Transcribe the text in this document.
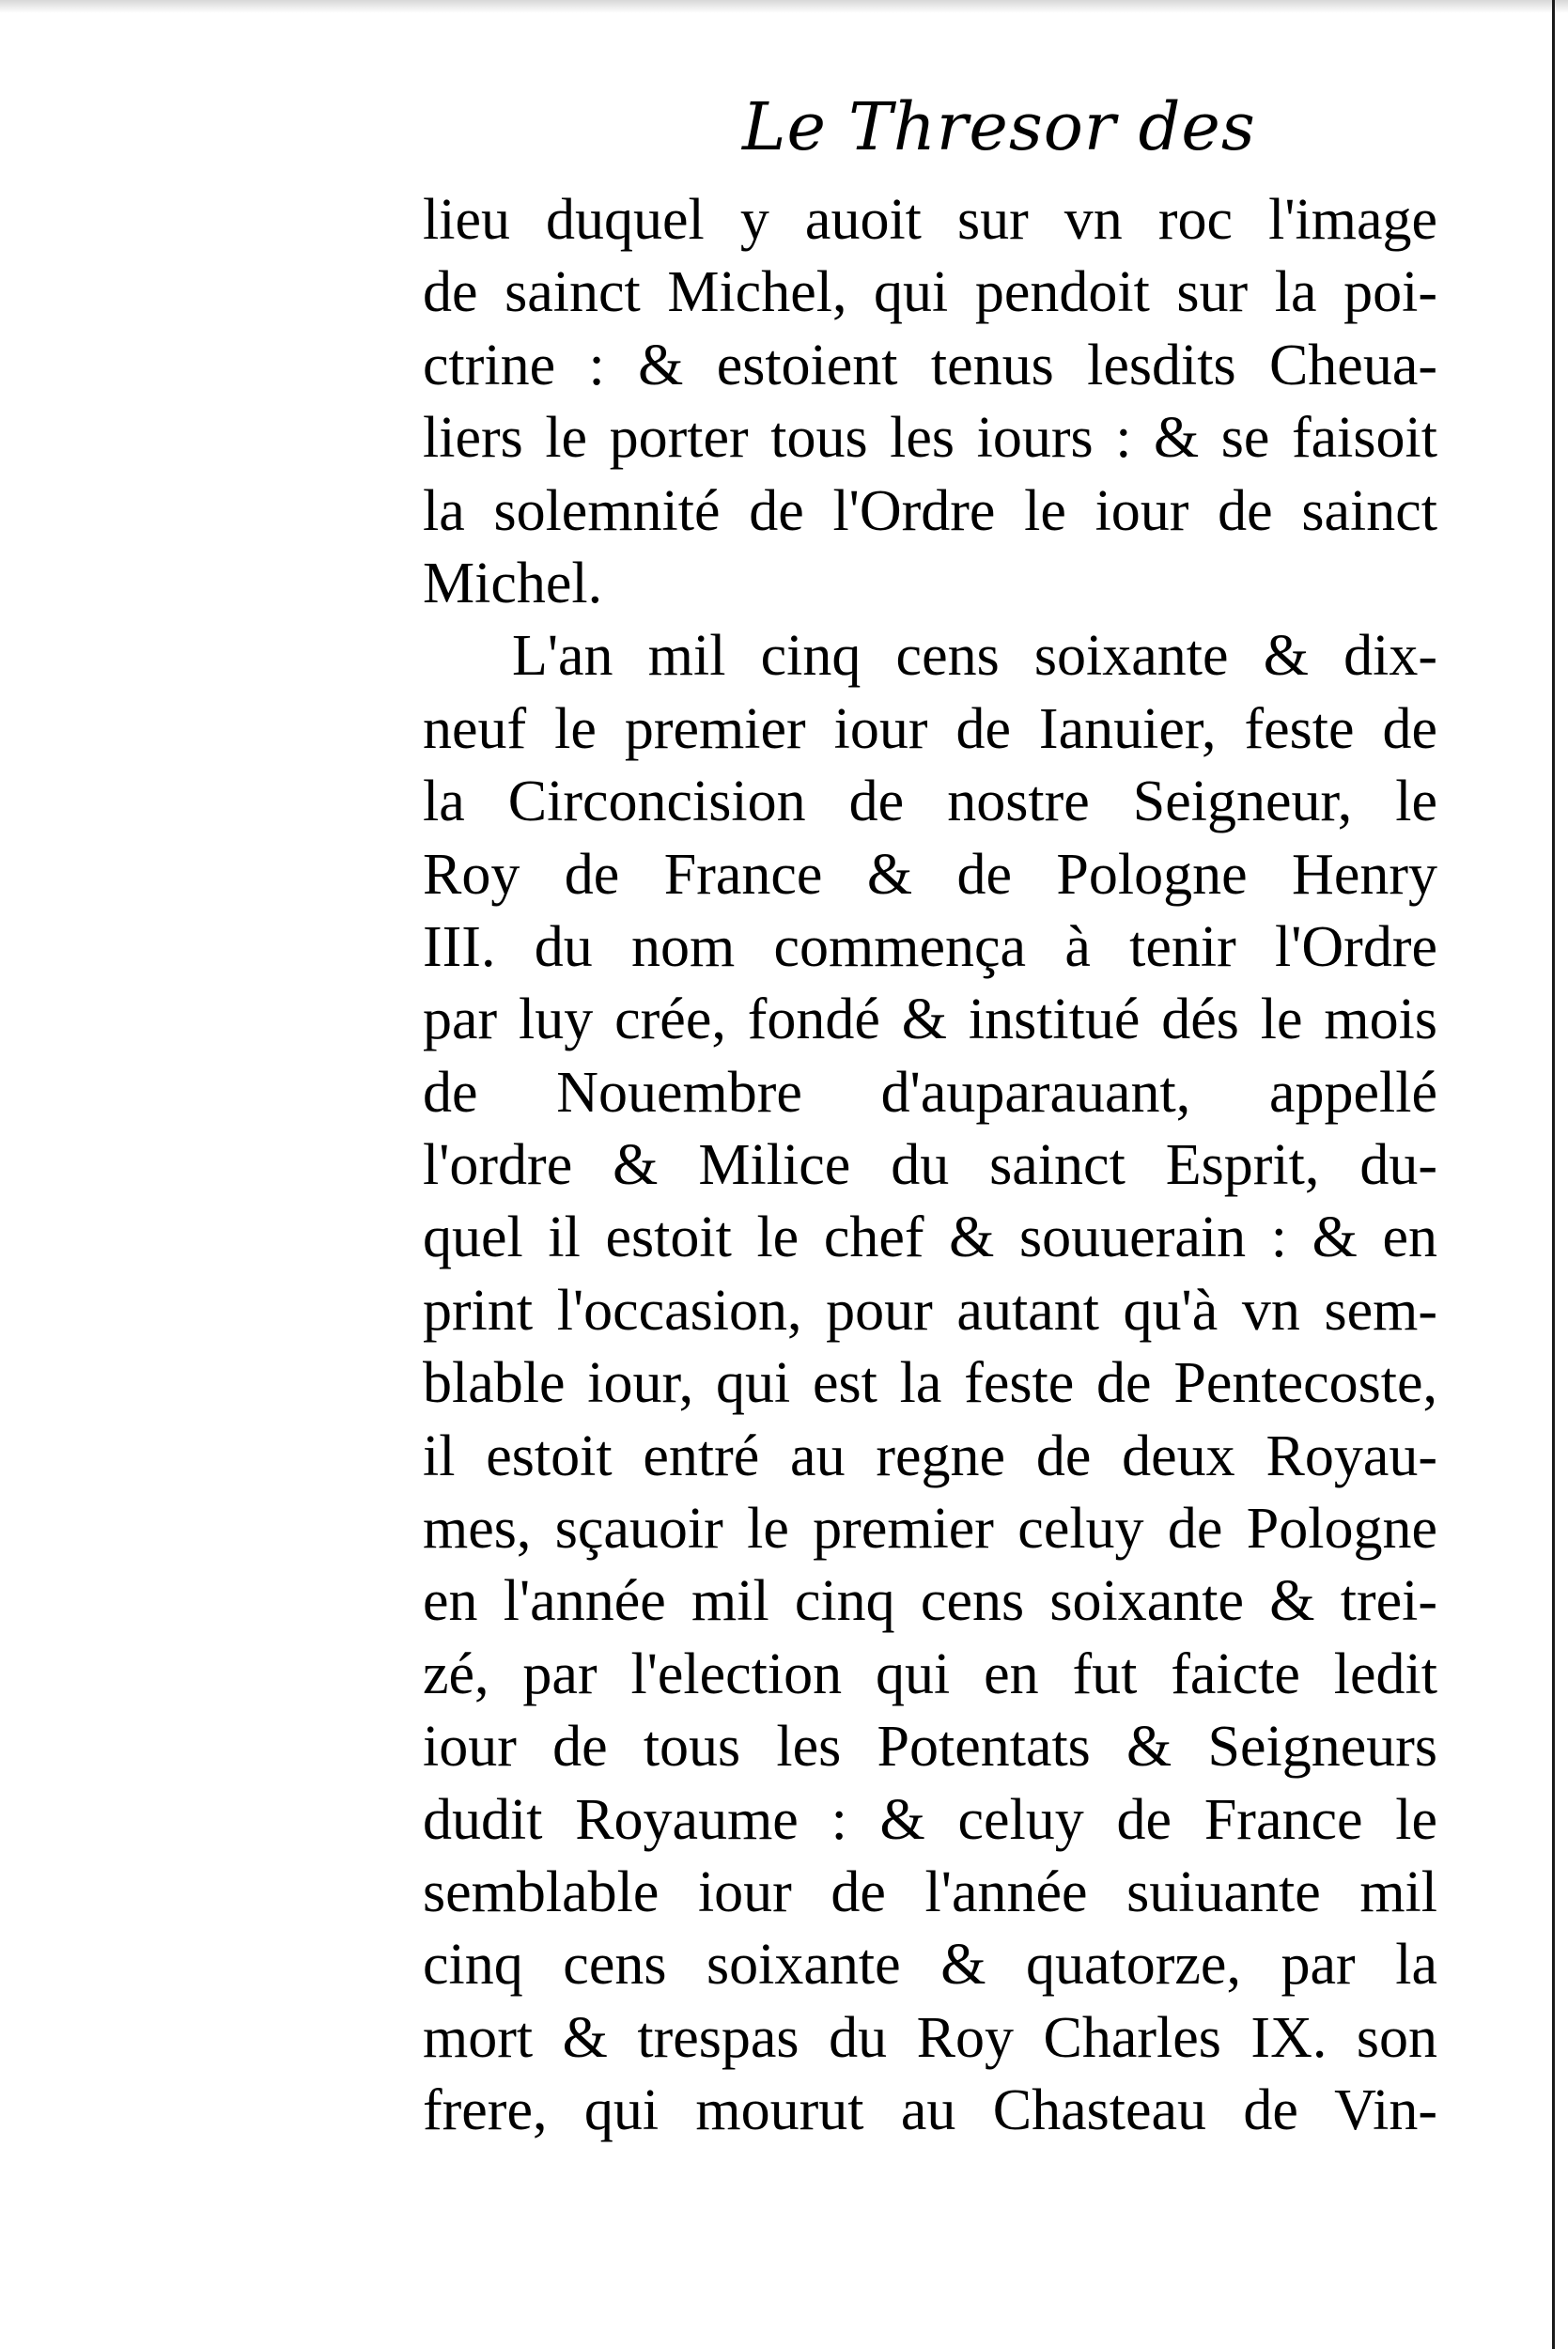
Le Thresor des
lieu duquel y auoit sur vn roc l'image
de sainct Michel, qui pendoit sur la poi-
ctrine : & estoient tenus lesdits Cheua-
liers le porter tous les iours : & se faisoit
la solemnité de l'Ordre le iour de sainct
Michel.
L'an mil cinq cens soixante & dix-
neuf le premier iour de Ianuier, feste de
la Circoncision de nostre Seigneur, le
Roy de France & de Pologne Henry
III. du nom commença à tenir l'Ordre
par luy crée, fondé & institué dés le mois
de Nouembre d'auparauant, appellé
l'ordre & Milice du sainct Esprit, du-
quel il estoit le chef & souuerain : & en
print l'occasion, pour autant qu'à vn sem-
blable iour, qui est la feste de Pentecoste,
il estoit entré au regne de deux Royau-
mes, sçauoir le premier celuy de Pologne
en l'année mil cinq cens soixante & trei-
zé, par l'election qui en fut faicte ledit
iour de tous les Potentats & Seigneurs
dudit Royaume : & celuy de France le
semblable iour de l'année suiuante mil
cinq cens soixante & quatorze, par la
mort & trespas du Roy Charles IX. son
frere, qui mourut au Chasteau de Vin-
